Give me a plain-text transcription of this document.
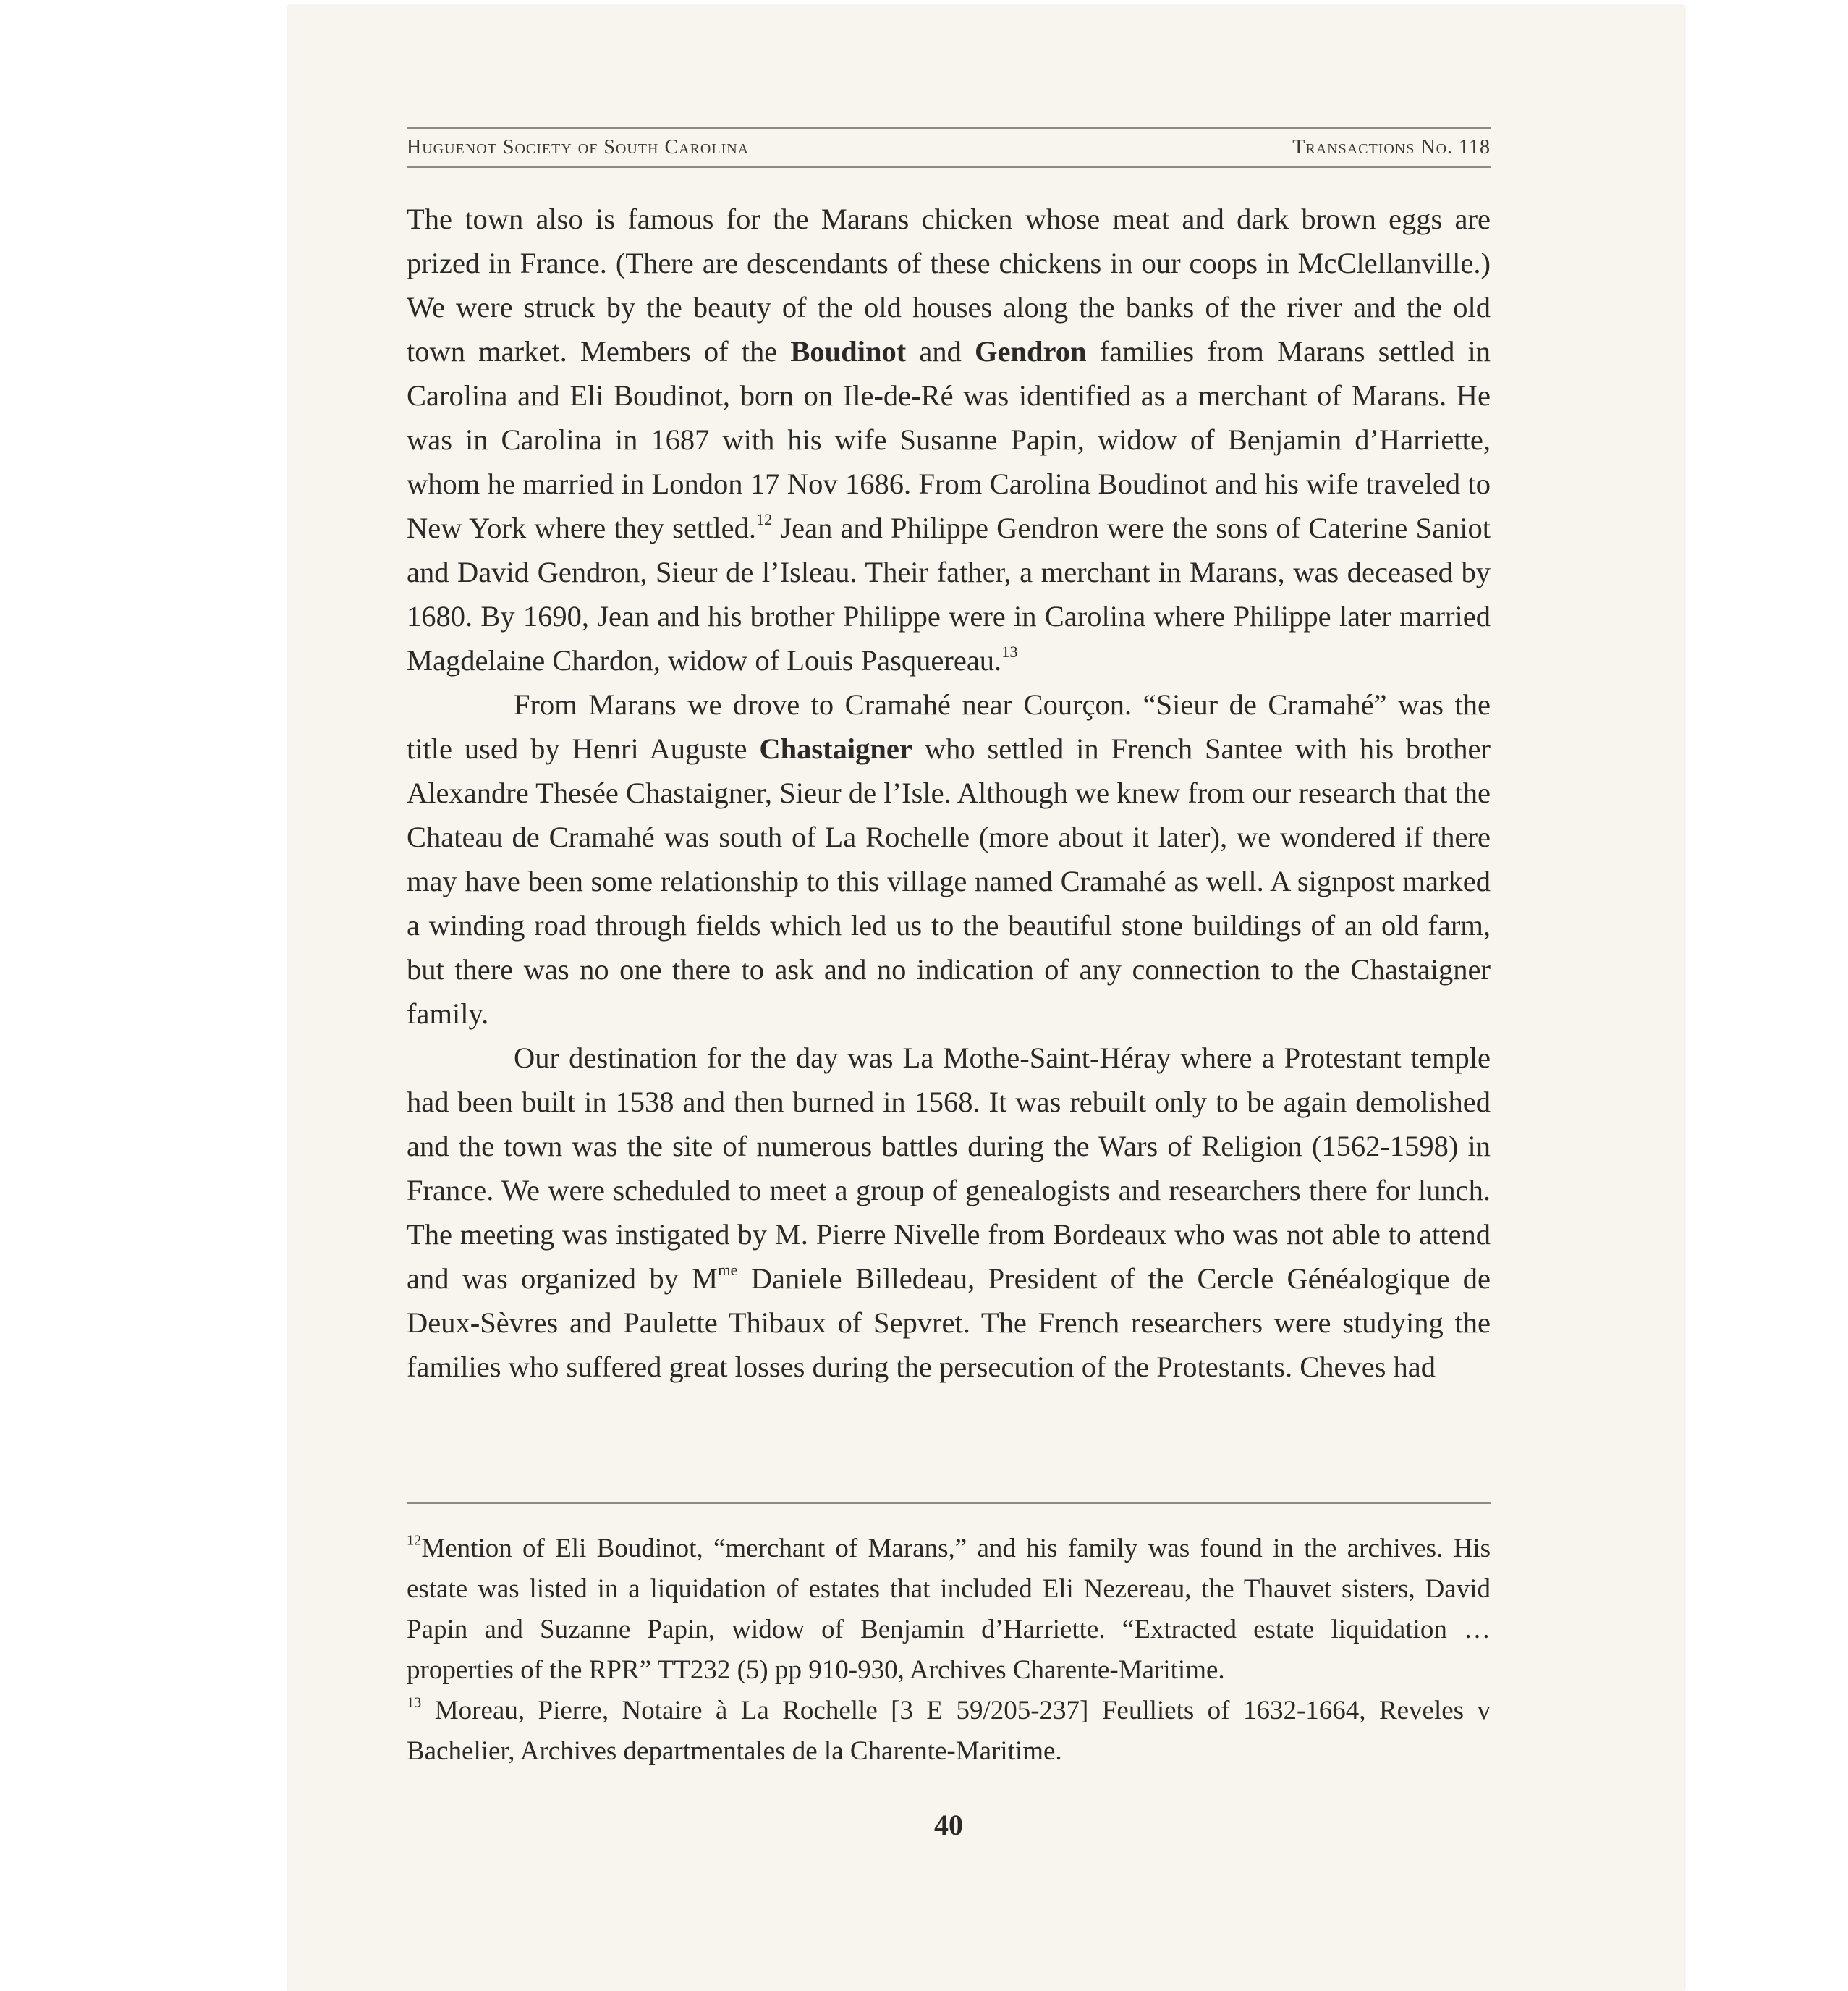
Huguenot Society of South Carolina	Transactions No. 118

The town also is famous for the Marans chicken whose meat and dark brown eggs are prized in France. (There are descendants of these chickens in our coops in McClellanville.) We were struck by the beauty of the old houses along the banks of the river and the old town market. Members of the Boudinot and Gendron families from Marans settled in Carolina and Eli Boudinot, born on Ile-de-Ré was identified as a merchant of Marans. He was in Carolina in 1687 with his wife Susanne Papin, widow of Benjamin d’Harriette, whom he married in London 17 Nov 1686. From Carolina Boudinot and his wife traveled to New York where they settled.$^{12}$ Jean and Philippe Gendron were the sons of Caterine Saniot and David Gendron, Sieur de l’Isleau. Their father, a merchant in Marans, was deceased by 1680. By 1690, Jean and his brother Philippe were in Carolina where Philippe later married Magdelaine Chardon, widow of Louis Pasquereau.$^{13}$

From Marans we drove to Cramahé near Courçon. “Sieur de Cramahé” was the title used by Henri Auguste Chastaigner who settled in French Santee with his brother Alexandre Thesée Chastaigner, Sieur de l’Isle. Although we knew from our research that the Chateau de Cramahé was south of La Rochelle (more about it later), we wondered if there may have been some relationship to this village named Cramahé as well. A signpost marked a winding road through fields which led us to the beautiful stone buildings of an old farm, but there was no one there to ask and no indication of any connection to the Chastaigner family.

Our destination for the day was La Mothe-Saint-Héray where a Protestant temple had been built in 1538 and then burned in 1568. It was rebuilt only to be again demolished and the town was the site of numerous battles during the Wars of Religion (1562-1598) in France. We were scheduled to meet a group of genealogists and researchers there for lunch. The meeting was instigated by M. Pierre Nivelle from Bordeaux who was not able to attend and was organized by $M^{me}$ Daniele Billedeau, President of the Cercle Généalogique de Deux-Sèvres and Paulette Thibaux of Sepvret. The French researchers were studying the families who suffered great losses during the persecution of the Protestants. Cheves had

$^{12}$Mention of Eli Boudinot, “merchant of Marans,” and his family was found in the archives. His estate was listed in a liquidation of estates that included Eli Nezereau, the Thauvet sisters, David Papin and Suzanne Papin, widow of Benjamin d’Harriette. “Extracted estate liquidation … properties of the RPR” TT232 (5) pp 910-930, Archives Charente-Maritime.

$^{13}$ Moreau, Pierre, Notaire à La Rochelle [3 E 59/205-237] Feulliets of 1632-1664, Reveles v Bachelier, Archives departmentales de la Charente-Maritime.

40
